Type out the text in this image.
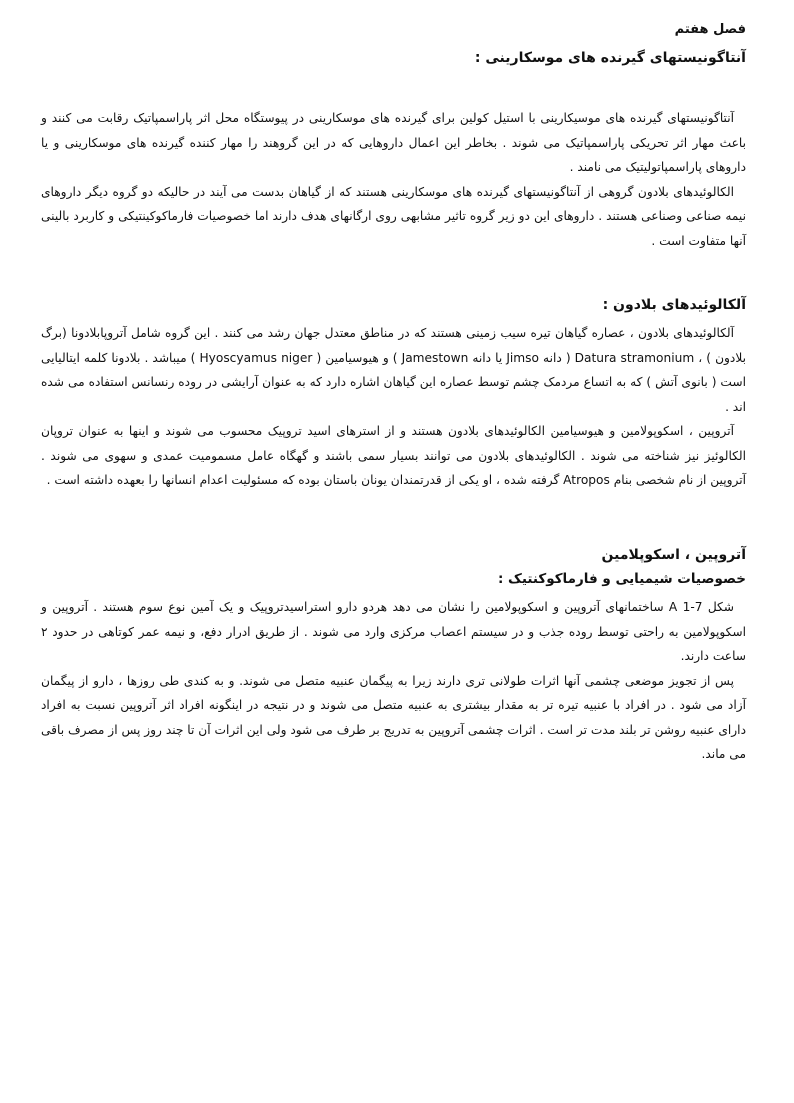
فصل هفتم
آنتاگونیستهای گیرنده های موسکارینی :

آنتاگونیستهای گیرنده های موسیکارینی با استیل کولین برای گیرنده های موسکارینی در پیوستگاه محل اثر پاراسمپاتیک رقابت می کنند و باعث مهار اثر تحریکی پاراسمپاتیک می شوند . بخاطر این اعمال داروهایی که در این گروهند را مهار کننده گیرنده های موسکارینی و یا داروهای پاراسمپاتولیتیک می نامند .

الکالوئیدهای بلادون گروهی از آنتاگونیستهای گیرنده های موسکارینی هستند که از گیاهان بدست می آیند در حالیکه دو گروه دیگر داروهای نیمه صناعی وصناعی هستند . داروهای این دو زیر گروه تاثیر مشابهی روی ارگانهای هدف دارند اما خصوصیات فارماکوکینتیکی و کاربرد بالینی آنها متفاوت است .

آلکالوئیدهای بلادون :

آلکالوئیدهای بلادون ، عصاره گیاهان تیره سیب زمینی هستند که در مناطق معتدل جهان رشد می کنند . این گروه شامل آتروپابلادونا (برگ بلادون ) ، Datura stramonium ( دانه Jimso یا دانه Jamestown ) و هیوسیامین ( Hyoscyamus niger ) میباشد . بلادونا کلمه ایتالیایی است ( بانوی آتش ) که به اتساع مردمک چشم توسط عصاره این گیاهان اشاره دارد که به عنوان آرایشی در روده رنسانس استفاده می شده اند .

آتروپین ، اسکوپولامین و هیوسیامین الکالوئیدهای بلادون هستند و از استرهای اسید تروپیک محسوب می شوند و اینها به عنوان تروپان الکالوئیز نیز شناخته می شوند . الکالوئیدهای بلادون می توانند بسیار سمی باشند و گهگاه عامل مسمومیت عمدی و سهوی می شوند . آتروپین از نام شخصی بنام Atropos گرفته شده ، او یکی از قدرتمندان یونان باستان بوده که مسئولیت اعدام انسانها را بعهده داشته است .

آتروپین ، اسکوپلامین
خصوصیات شیمیایی و فارماکوکنتیک :

شکل A 1-7 ساختمانهای آتروپین و اسکوپولامین را نشان می دهد هردو دارو استراسیدتروپیک و یک آمین نوع سوم هستند . آتروپین و اسکوپولامین به راحتی توسط روده جذب و در سیستم اعصاب مرکزی وارد می شوند . از طریق ادرار دفع، و نیمه عمر کوتاهی در حدود ۲ ساعت دارند.

پس از تجویز موضعی چشمی آنها اثرات طولانی تری دارند زیرا به پیگمان عنبیه متصل می شوند. و به کندی طی روزها ، دارو از پیگمان آزاد می شود . در افراد با عنبیه تیره تر به مقدار بیشتری به عنبیه متصل می شوند و در نتیجه در اینگونه افراد اثر آتروپین نسبت به افراد دارای عنبیه روشن تر بلند مدت تر است . اثرات چشمی آتروپین به تدریج بر طرف می شود ولی این اثرات آن تا چند روز پس از مصرف باقی می ماند.
